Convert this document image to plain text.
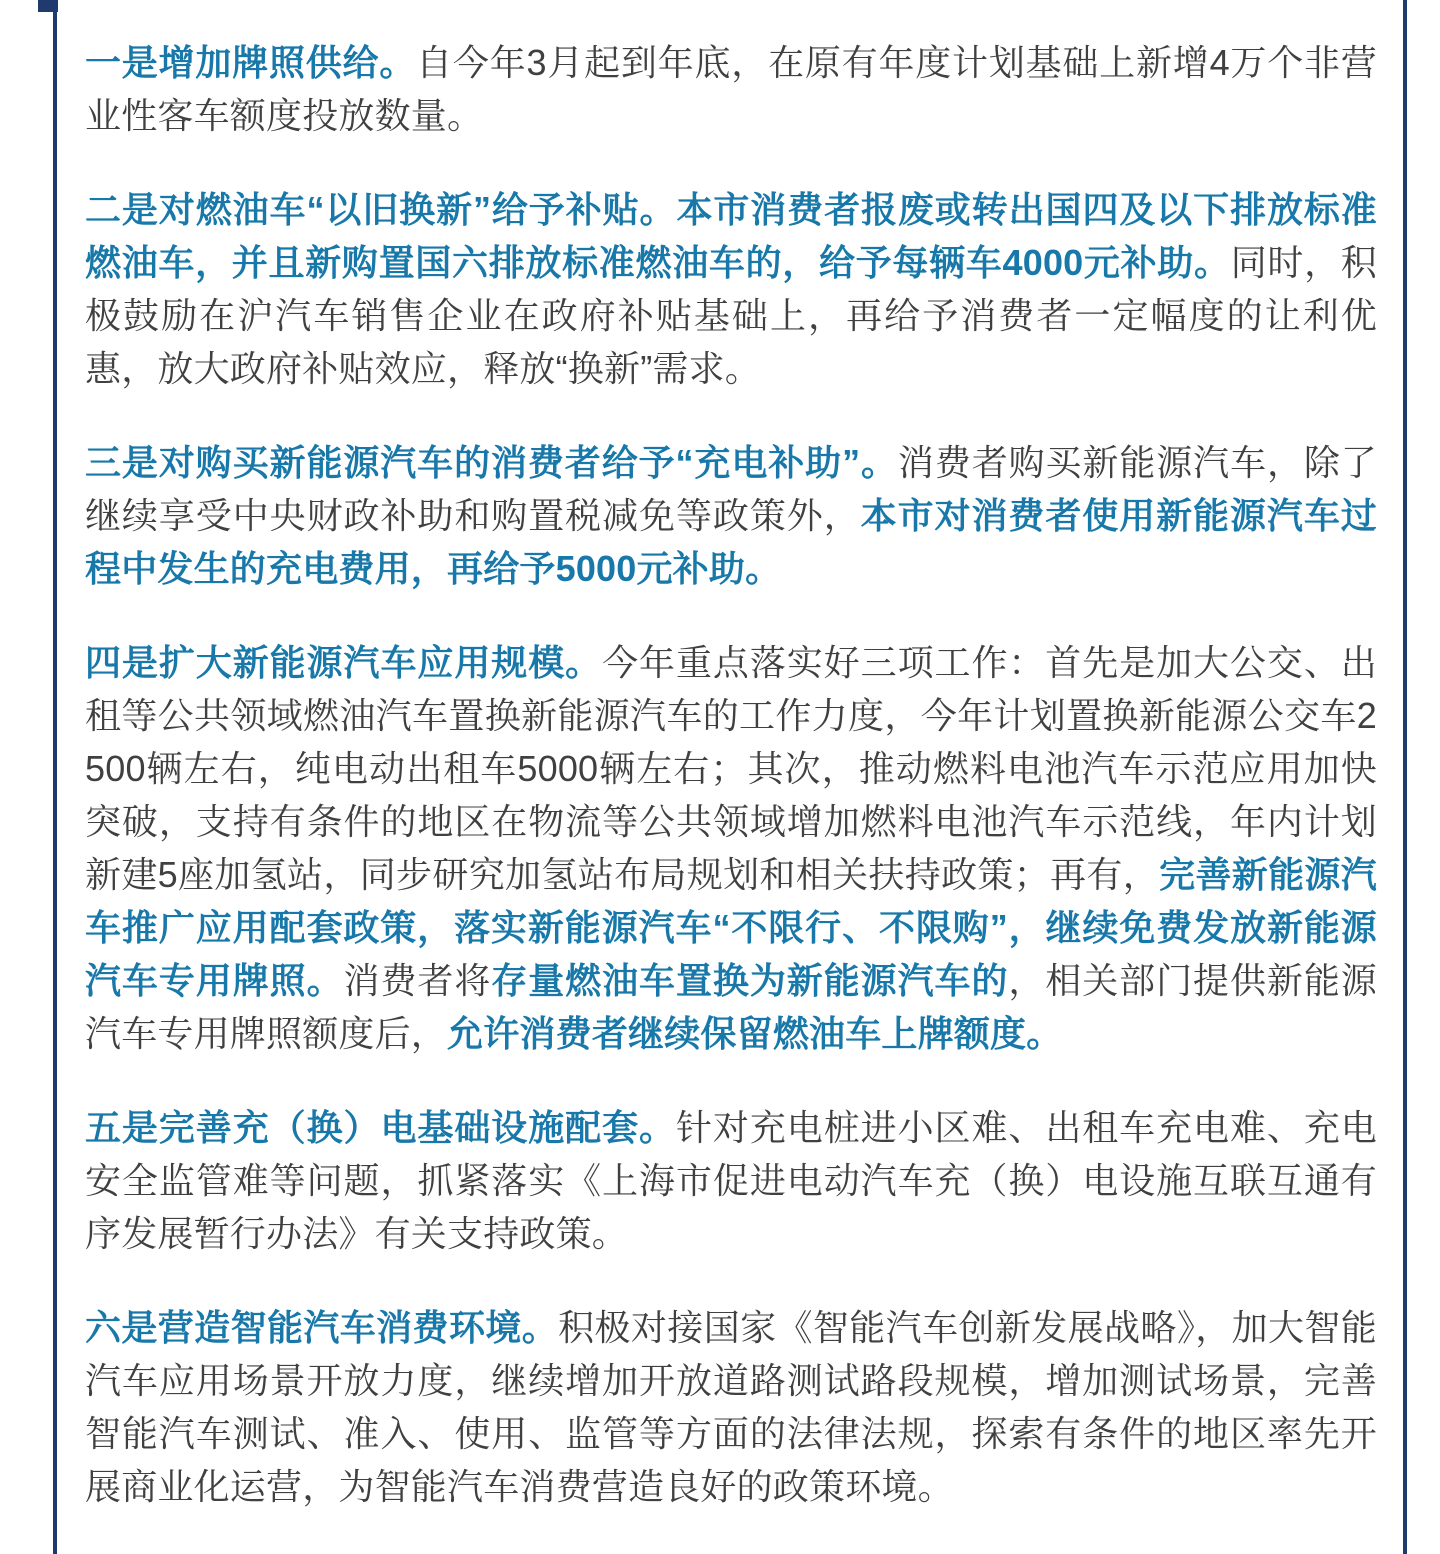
一是增加牌照供给。自今年3月起到年底，在原有年度计划基础上新增4万个非营业性客车额度投放数量。

二是对燃油车“以旧换新”给予补贴。本市消费者报废或转出国四及以下排放标准燃油车，并且新购置国六排放标准燃油车的，给予每辆车4000元补助。同时，积极鼓励在沪汽车销售企业在政府补贴基础上，再给予消费者一定幅度的让利优惠，放大政府补贴效应，释放“换新”需求。

三是对购买新能源汽车的消费者给予“充电补助”。消费者购买新能源汽车，除了继续享受中央财政补助和购置税减免等政策外，本市对消费者使用新能源汽车过程中发生的充电费用，再给予5000元补助。

四是扩大新能源汽车应用规模。今年重点落实好三项工作：首先是加大公交、出租等公共领域燃油汽车置换新能源汽车的工作力度，今年计划置换新能源公交车2500辆左右，纯电动出租车5000辆左右；其次，推动燃料电池汽车示范应用加快突破，支持有条件的地区在物流等公共领域增加燃料电池汽车示范线，年内计划新建5座加氢站，同步研究加氢站布局规划和相关扶持政策；再有，完善新能源汽车推广应用配套政策，落实新能源汽车“不限行、不限购”，继续免费发放新能源汽车专用牌照。消费者将存量燃油车置换为新能源汽车的，相关部门提供新能源汽车专用牌照额度后，允许消费者继续保留燃油车上牌额度。

五是完善充（换）电基础设施配套。针对充电桩进小区难、出租车充电难、充电安全监管难等问题，抓紧落实《上海市促进电动汽车充（换）电设施互联互通有序发展暂行办法》有关支持政策。

六是营造智能汽车消费环境。积极对接国家《智能汽车创新发展战略》，加大智能汽车应用场景开放力度，继续增加开放道路测试路段规模，增加测试场景，完善智能汽车测试、准入、使用、监管等方面的法律法规，探索有条件的地区率先开展商业化运营，为智能汽车消费营造良好的政策环境。
